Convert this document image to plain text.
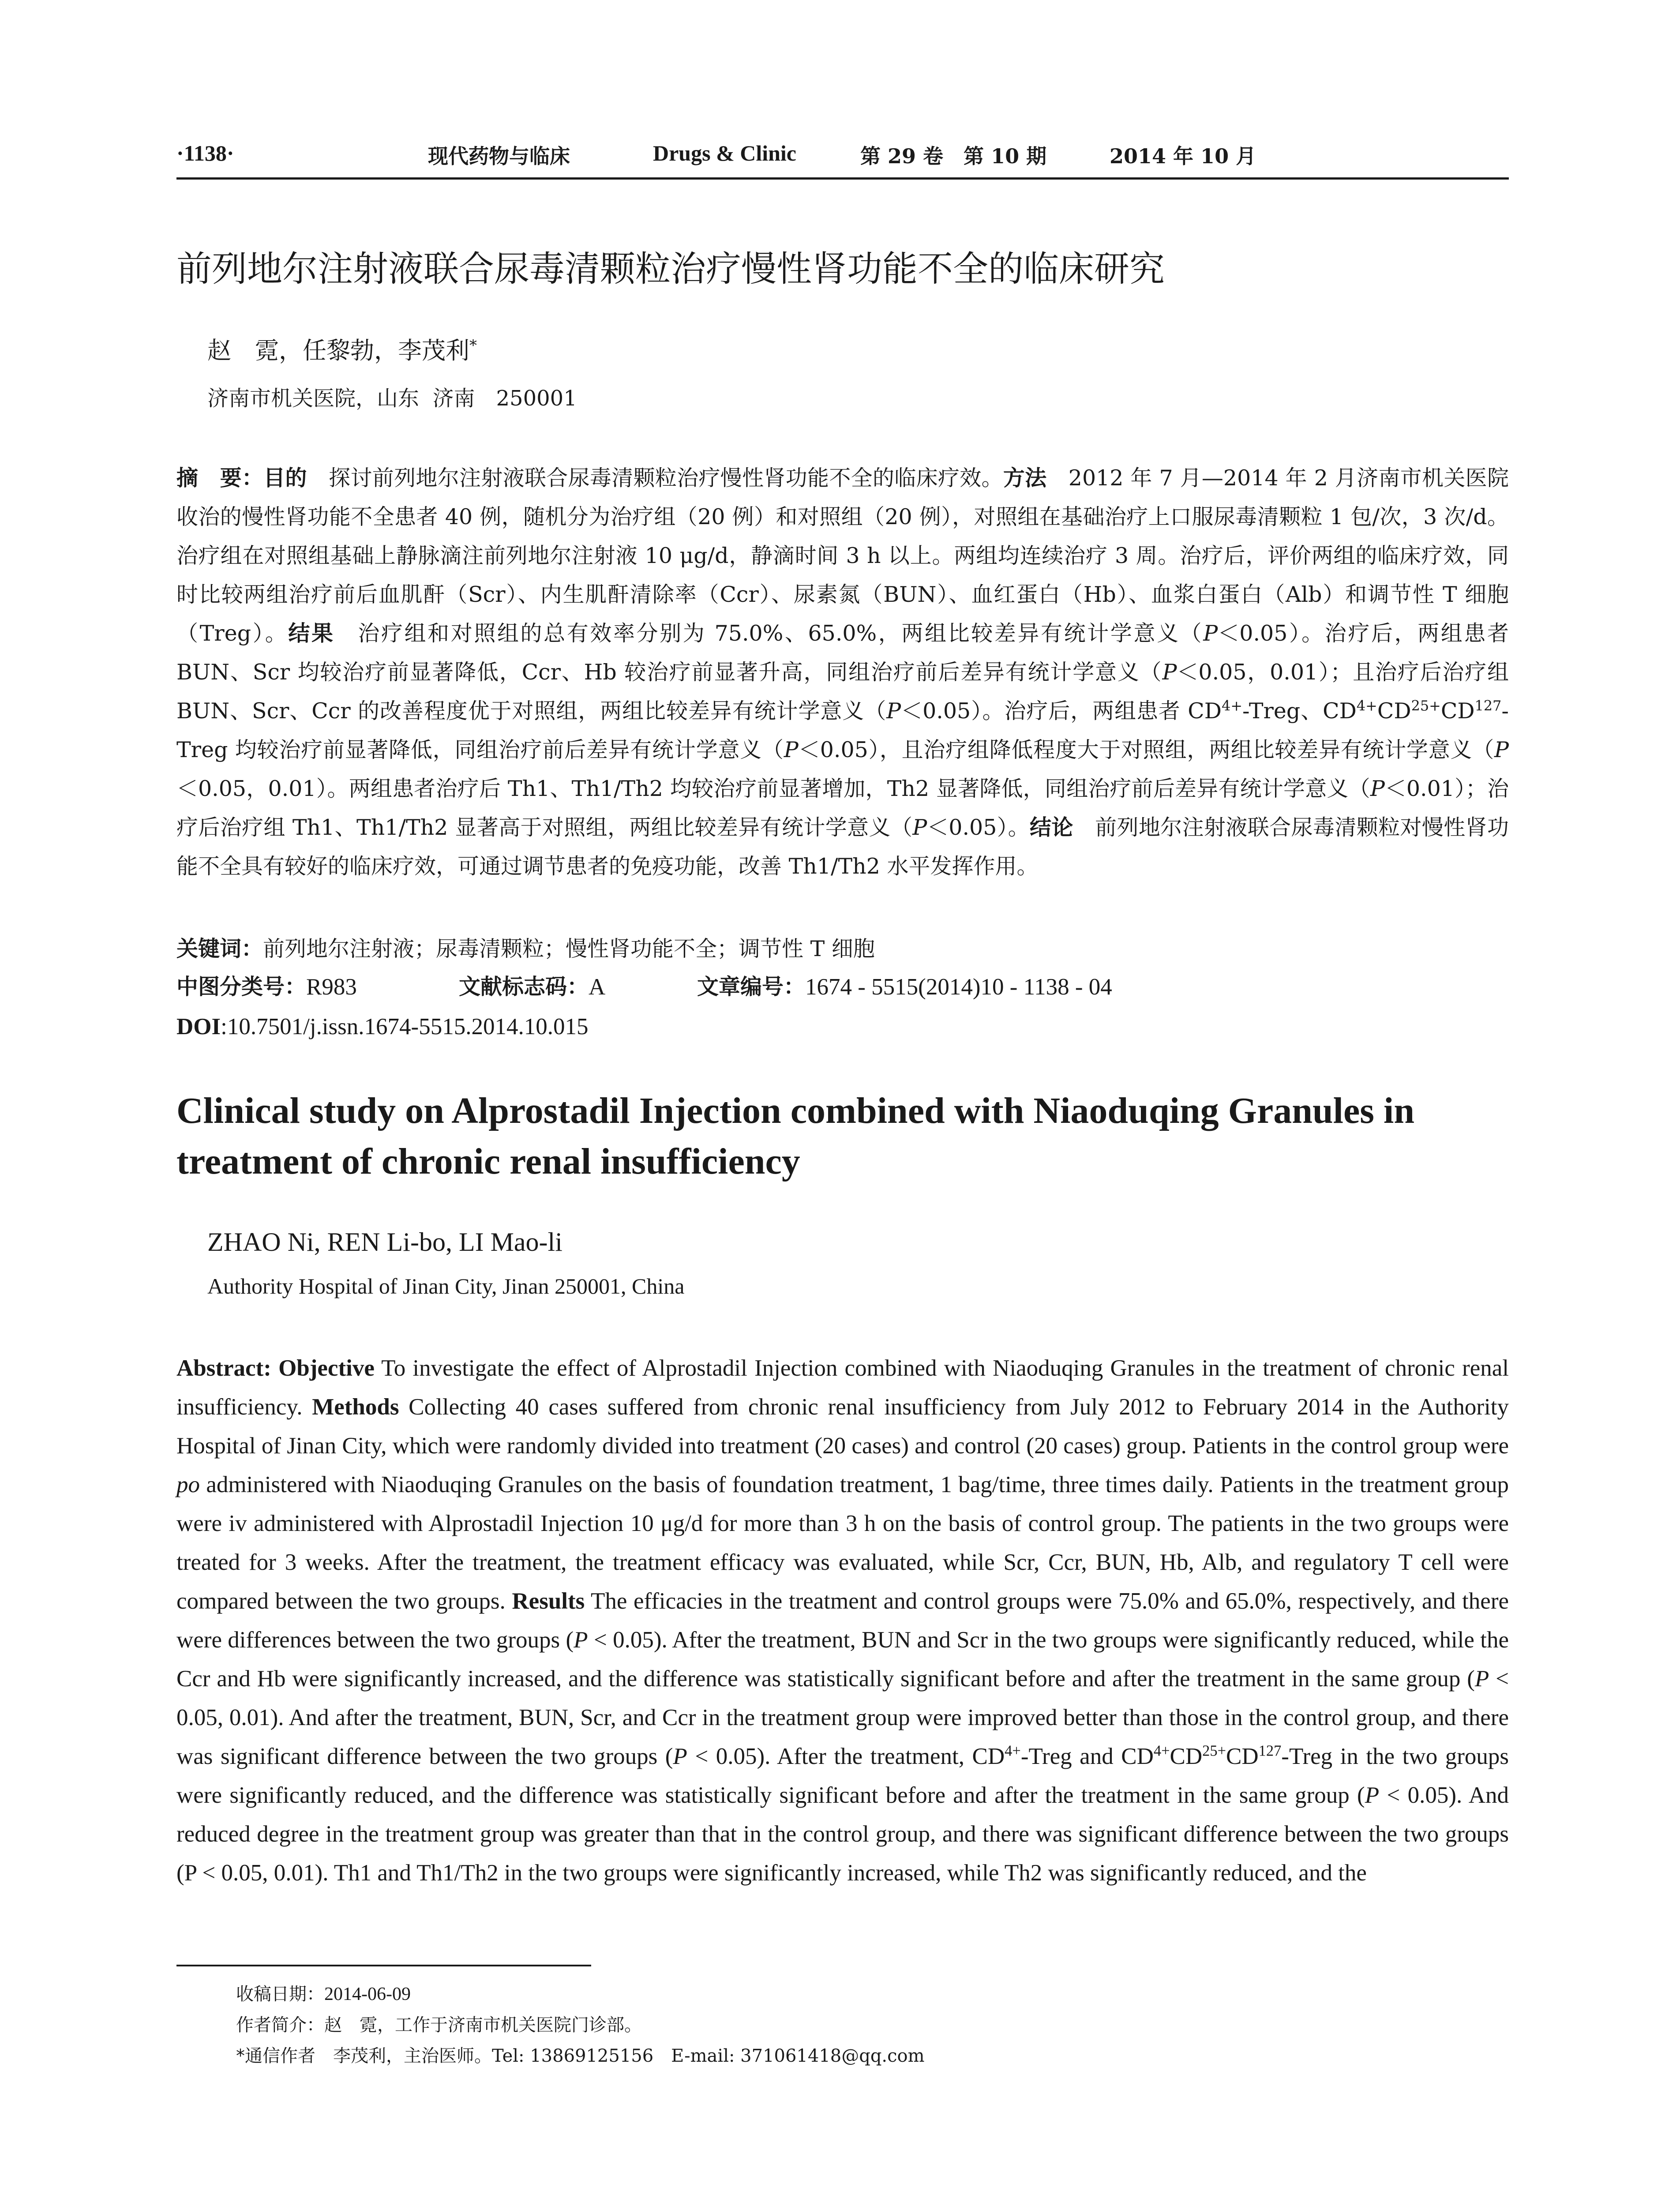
·1138·	现代药物与临床	Drugs & Clinic	第 29 卷　第 10 期	2014 年 10 月
前列地尔注射液联合尿毒清颗粒治疗慢性肾功能不全的临床研究
赵　霓，任黎勃，李茂利*
济南市机关医院，山东  济南　250001
摘　要：目的　探讨前列地尔注射液联合尿毒清颗粒治疗慢性肾功能不全的临床疗效。方法　2012 年 7 月—2014 年 2 月济南市机关医院收治的慢性肾功能不全患者 40 例，随机分为治疗组（20 例）和对照组（20 例），对照组在基础治疗上口服尿毒清颗粒 1 包/次，3 次/d。治疗组在对照组基础上静脉滴注前列地尔注射液 10 μg/d，静滴时间 3 h 以上。两组均连续治疗 3 周。治疗后，评价两组的临床疗效，同时比较两组治疗前后血肌酐（Scr）、内生肌酐清除率（Ccr）、尿素氮（BUN）、血红蛋白（Hb）、血浆白蛋白（Alb）和调节性 T 细胞（Treg）。结果　治疗组和对照组的总有效率分别为 75.0%、65.0%，两组比较差异有统计学意义（P＜0.05）。治疗后，两组患者 BUN、Scr 均较治疗前显著降低，Ccr、Hb 较治疗前显著升高，同组治疗前后差异有统计学意义（P＜0.05，0.01）；且治疗后治疗组 BUN、Scr、Ccr 的改善程度优于对照组，两组比较差异有统计学意义（P＜0.05）。治疗后，两组患者 $CD^{4+}$-Treg、$CD^{4+}CD^{25+}CD^{127}$-Treg 均较治疗前显著降低，同组治疗前后差异有统计学意义（P＜0.05），且治疗组降低程度大于对照组，两组比较差异有统计学意义（P＜0.05，0.01）。两组患者治疗后 Th1、Th1/Th2 均较治疗前显著增加，Th2 显著降低，同组治疗前后差异有统计学意义（P＜0.01）；治疗后治疗组 Th1、Th1/Th2 显著高于对照组，两组比较差异有统计学意义（P＜0.05）。结论　前列地尔注射液联合尿毒清颗粒对慢性肾功能不全具有较好的临床疗效，可通过调节患者的免疫功能，改善 Th1/Th2 水平发挥作用。
关键词：前列地尔注射液；尿毒清颗粒；慢性肾功能不全；调节性 T 细胞
中图分类号： R983	文献标志码： A	文章编号： 1674 - 5515(2014)10 - 1138 - 04
DOI:10.7501/j.issn.1674-5515.2014.10.015
Clinical study on Alprostadil Injection combined with Niaoduqing Granules in treatment of chronic renal insufficiency
ZHAO Ni, REN Li-bo, LI Mao-li
Authority Hospital of Jinan City, Jinan 250001, China
Abstract: Objective To investigate the effect of Alprostadil Injection combined with Niaoduqing Granules in the treatment of chronic renal insufficiency. Methods Collecting 40 cases suffered from chronic renal insufficiency from July 2012 to February 2014 in the Authority Hospital of Jinan City, which were randomly divided into treatment (20 cases) and control (20 cases) group. Patients in the control group were po administered with Niaoduqing Granules on the basis of foundation treatment, 1 bag/time, three times daily. Patients in the treatment group were iv administered with Alprostadil Injection 10 μg/d for more than 3 h on the basis of control group. The patients in the two groups were treated for 3 weeks. After the treatment, the treatment efficacy was evaluated, while Scr, Ccr, BUN, Hb, Alb, and regulatory T cell were compared between the two groups. Results The efficacies in the treatment and control groups were 75.0% and 65.0%, respectively, and there were differences between the two groups (P < 0.05). After the treatment, BUN and Scr in the two groups were significantly reduced, while the Ccr and Hb were significantly increased, and the difference was statistically significant before and after the treatment in the same group (P < 0.05, 0.01). And after the treatment, BUN, Scr, and Ccr in the treatment group were improved better than those in the control group, and there was significant difference between the two groups (P < 0.05). After the treatment, $CD^{4+}$-Treg and $CD^{4+}CD^{25+}CD^{127}$-Treg in the two groups were significantly reduced, and the difference was statistically significant before and after the treatment in the same group (P < 0.05). And reduced degree in the treatment group was greater than that in the control group, and there was significant difference between the two groups (P < 0.05, 0.01). Th1 and Th1/Th2 in the two groups were significantly increased, while Th2 was significantly reduced, and the
收稿日期：2014-06-09
作者简介：赵　霓，工作于济南市机关医院门诊部。
*通信作者　李茂利，主治医师。Tel: 13869125156　E-mail: 371061418@qq.com
